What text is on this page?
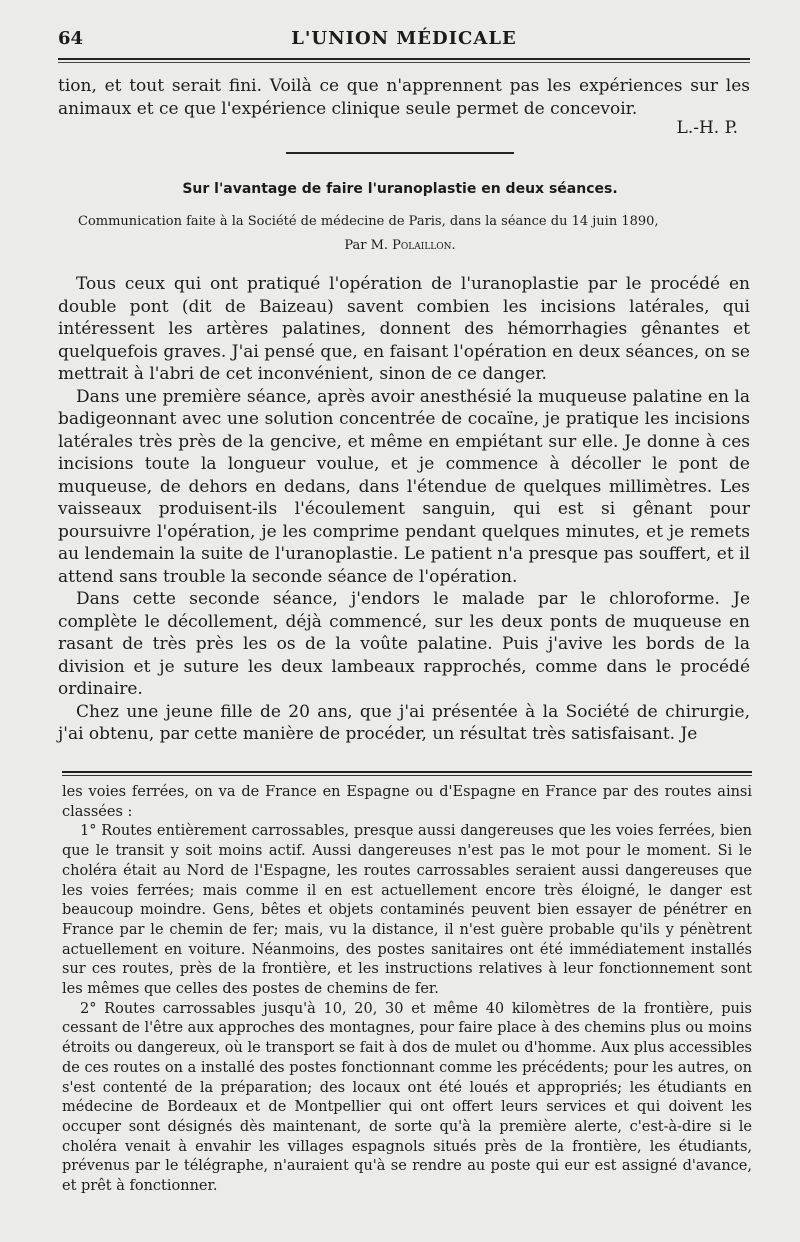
64	L'UNION MÉDICALE

tion, et tout serait fini. Voilà ce que n'apprennent pas les expériences sur les animaux et ce que l'expérience clinique seule permet de concevoir.

L.-H. P.
Sur l'avantage de faire l'uranoplastie en deux séances.
Communication faite à la Société de médecine de Paris, dans la séance du 14 juin 1890,
Par M. Polaillon.

Tous ceux qui ont pratiqué l'opération de l'uranoplastie par le procédé en double pont (dit de Baizeau) savent combien les incisions latérales, qui intéressent les artères palatines, donnent des hémorrhagies gênantes et quelquefois graves. J'ai pensé que, en faisant l'opération en deux séances, on se mettrait à l'abri de cet inconvénient, sinon de ce danger.

Dans une première séance, après avoir anesthésié la muqueuse palatine en la badigeonnant avec une solution concentrée de cocaïne, je pratique les incisions latérales très près de la gencive, et même en empiétant sur elle. Je donne à ces incisions toute la longueur voulue, et je commence à décoller le pont de muqueuse, de dehors en dedans, dans l'étendue de quelques millimètres. Les vaisseaux produisent-ils l'écoulement sanguin, qui est si gênant pour poursuivre l'opération, je les comprime pendant quelques minutes, et je remets au lendemain la suite de l'uranoplastie. Le patient n'a presque pas souffert, et il attend sans trouble la seconde séance de l'opération.

Dans cette seconde séance, j'endors le malade par le chloroforme. Je complète le décollement, déjà commencé, sur les deux ponts de muqueuse en rasant de très près les os de la voûte palatine. Puis j'avive les bords de la division et je suture les deux lambeaux rapprochés, comme dans le procédé ordinaire.

Chez une jeune fille de 20 ans, que j'ai présentée à la Société de chirurgie, j'ai obtenu, par cette manière de procéder, un résultat très satisfaisant. Je

les voies ferrées, on va de France en Espagne ou d'Espagne en France par des routes ainsi classées :

1° Routes entièrement carrossables, presque aussi dangereuses que les voies ferrées, bien que le transit y soit moins actif. Aussi dangereuses n'est pas le mot pour le moment. Si le choléra était au Nord de l'Espagne, les routes carrossables seraient aussi dangereuses que les voies ferrées; mais comme il en est actuellement encore très éloigné, le danger est beaucoup moindre. Gens, bêtes et objets contaminés peuvent bien essayer de pénétrer en France par le chemin de fer; mais, vu la distance, il n'est guère probable qu'ils y pénètrent actuellement en voiture. Néanmoins, des postes sanitaires ont été immédiatement installés sur ces routes, près de la frontière, et les instructions relatives à leur fonctionnement sont les mêmes que celles des postes de chemins de fer.

2° Routes carrossables jusqu'à 10, 20, 30 et même 40 kilomètres de la frontière, puis cessant de l'être aux approches des montagnes, pour faire place à des chemins plus ou moins étroits ou dangereux, où le transport se fait à dos de mulet ou d'homme. Aux plus accessibles de ces routes on a installé des postes fonctionnant comme les précédents; pour les autres, on s'est contenté de la préparation; des locaux ont été loués et appropriés; les étudiants en médecine de Bordeaux et de Montpellier qui ont offert leurs services et qui doivent les occuper sont désignés dès maintenant, de sorte qu'à la première alerte, c'est-à-dire si le choléra venait à envahir les villages espagnols situés près de la frontière, les étudiants, prévenus par le télégraphe, n'auraient qu'à se rendre au poste qui eur est assigné d'avance, et prêt à fonctionner.
